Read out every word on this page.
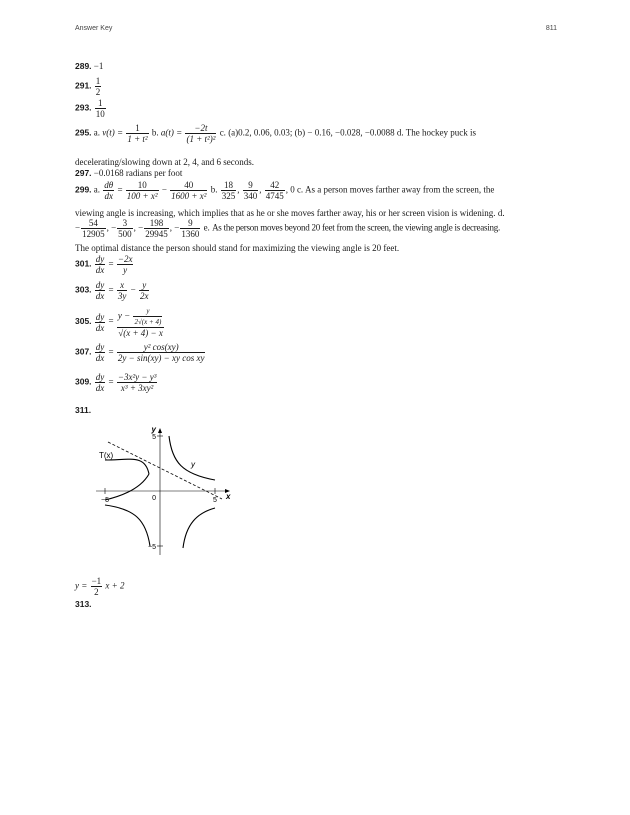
Answer Key	811
289. −1
291. $\frac{1}{2}$
293. $\frac{1}{10}$
295. a. $v(t) = \frac{1}{\text{1 + t²}} b$. $a(t) = \frac{-2t}{\text{(1 + t²)²}} c$. (a)0.2, 0.06, 0.03; (b) − 0.16, −0.028, −0.0088 d. The hockey puck is
decelerating/slowing down at 2, 4, and 6 seconds.
297. −0.0168 radians per foot
299. a. $\frac{d\theta}{dx} = \frac{10}{\text{100 + x²}} - \frac{40}{\text{1600 + x²}} b$. $\frac{18}{325}$ , $\frac{9}{340}$ , $\frac{42}{4745}$ , 0 c. As a person moves farther away from the screen, the
viewing angle is increasing, which implies that as he or she moves farther away, his or her screen vision is widening. d.
− $\frac{54}{12905}$ , − $\frac{3}{500}$ , − $\frac{198}{29945}$ , − $\frac{9}{1360} e$. As the person moves beyond 20 feet from the screen, the viewing angle is decreasing.
The optimal distance the person should stand for maximizing the viewing angle is 20 feet.
301. $\frac{dy}{dx} = \frac{-2x}{y}$
303. $\frac{dy}{dx} = \frac{x}{3y} - \frac{y}{2x}$
305. $\frac{dy}{dx} = \frac{y - \frac{y}{2√(x + 4)}}{√(x + 4) - x}$
307. $\frac{dy}{dx} = \frac{\text{y² cos(xy)}}{\text{2y − sin(xy) − xy cos xy}}$
309. $\frac{dy}{dx} = \frac{\text{−3x²y − y³}}{\text{x³ + 3xy²}}$
311.
y
x
y
T(x)
5
−5
−5	5
0
$y = \frac{-1}{2}$ x + 2
313.
